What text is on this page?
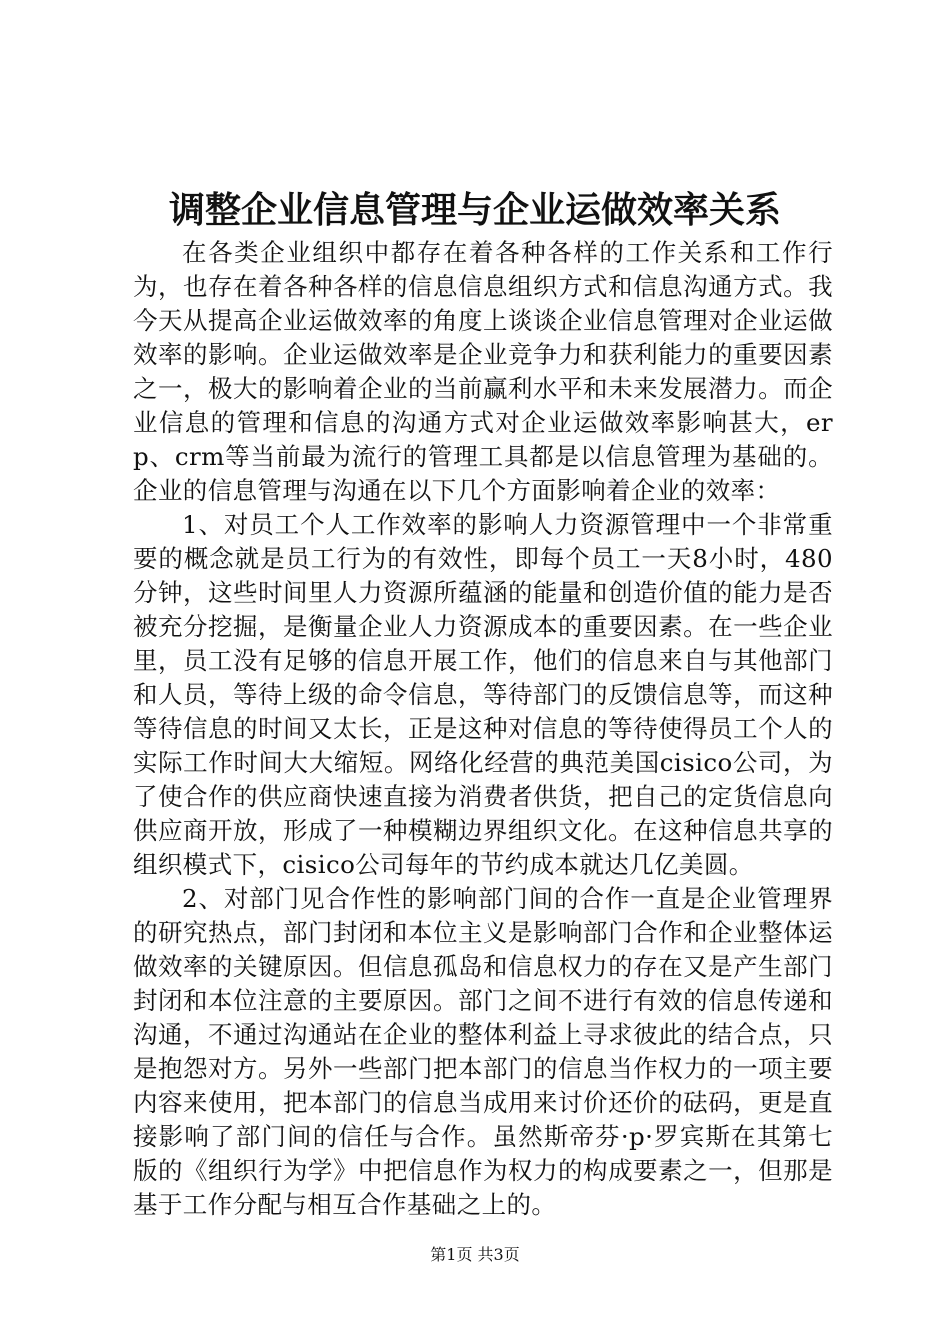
调整企业信息管理与企业运做效率关系

在各类企业组织中都存在着各种各样的工作关系和工作行为，也存在着各种各样的信息信息组织方式和信息沟通方式。我今天从提高企业运做效率的角度上谈谈企业信息管理对企业运做效率的影响。企业运做效率是企业竞争力和获利能力的重要因素之一，极大的影响着企业的当前赢利水平和未来发展潜力。而企业信息的管理和信息的沟通方式对企业运做效率影响甚大，erp、crm等当前最为流行的管理工具都是以信息管理为基础的。企业的信息管理与沟通在以下几个方面影响着企业的效率：

1、对员工个人工作效率的影响人力资源管理中一个非常重要的概念就是员工行为的有效性，即每个员工一天8小时，480分钟，这些时间里人力资源所蕴涵的能量和创造价值的能力是否被充分挖掘，是衡量企业人力资源成本的重要因素。在一些企业里，员工没有足够的信息开展工作，他们的信息来自与其他部门和人员，等待上级的命令信息，等待部门的反馈信息等，而这种等待信息的时间又太长，正是这种对信息的等待使得员工个人的实际工作时间大大缩短。网络化经营的典范美国cisico公司，为了使合作的供应商快速直接为消费者供货，把自己的定货信息向供应商开放，形成了一种模糊边界组织文化。在这种信息共享的组织模式下，cisico公司每年的节约成本就达几亿美圆。

2、对部门见合作性的影响部门间的合作一直是企业管理界的研究热点，部门封闭和本位主义是影响部门合作和企业整体运做效率的关键原因。但信息孤岛和信息权力的存在又是产生部门封闭和本位注意的主要原因。部门之间不进行有效的信息传递和沟通，不通过沟通站在企业的整体利益上寻求彼此的结合点，只是抱怨对方。另外一些部门把本部门的信息当作权力的一项主要内容来使用，把本部门的信息当成用来讨价还价的砝码，更是直接影响了部门间的信任与合作。虽然斯帝芬·p·罗宾斯在其第七版的《组织行为学》中把信息作为权力的构成要素之一，但那是基于工作分配与相互合作基础之上的。

第1页 共3页
